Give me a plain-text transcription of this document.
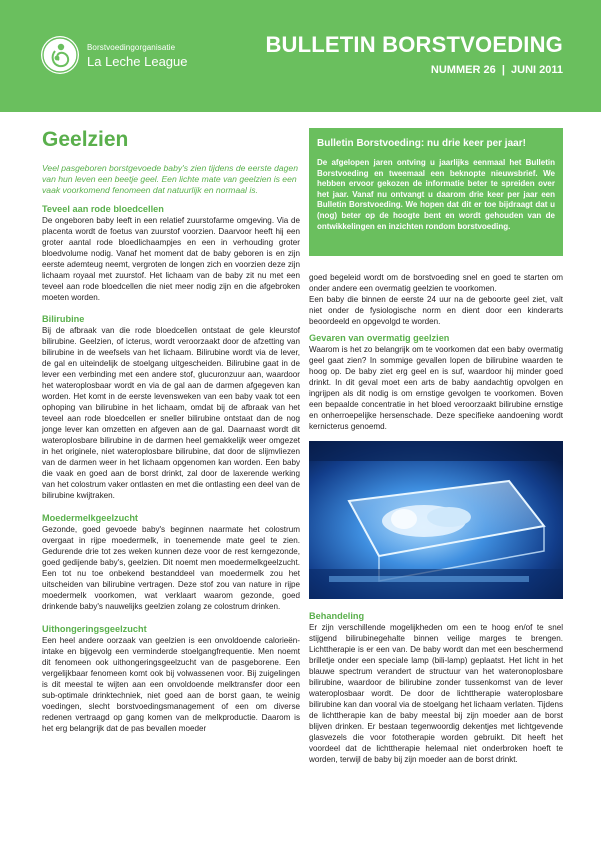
Borstvoedingorganisatie
La Leche League
BULLETIN BORSTVOEDING
NUMMER 26  |  JUNI 2011
Geelzien

Veel pasgeboren borstgevoede baby's zien tijdens de eerste dagen van hun leven een beetje geel. Een lichte mate van geelzien is een vaak voorkomend fenomeen dat natuurlijk en normaal is.

Teveel aan rode bloedcellen

De ongeboren baby leeft in een relatief zuurstofarme omgeving. Via de placenta wordt de foetus van zuurstof voorzien. Daarvoor heeft hij een groter aantal rode bloedlichaampjes en een in verhouding groter bloedvolume nodig. Vanaf het moment dat de baby geboren is en zijn eerste ademteug neemt, vergroten de longen zich en voorzien deze zijn lichaam royaal met zuurstof. Het lichaam van de baby zit nu met een teveel aan rode bloedcellen die niet meer nodig zijn en die afgebroken moeten worden.

Bilirubine

Bij de afbraak van die rode bloedcellen ontstaat de gele kleurstof bilirubine. Geelzien, of icterus, wordt veroorzaakt door de afzetting van bilirubine in de weefsels van het lichaam. Bilirubine wordt via de lever, de gal en uiteindelijk de stoelgang uitgescheiden. Bilirubine gaat in de lever een verbinding met een andere stof, glucuronzuur aan, waardoor het wateroplosbaar wordt en via de gal aan de darmen afgegeven kan worden. Het komt in de eerste levensweken van een baby vaak tot een ophoping van bilirubine in het lichaam, omdat bij de afbraak van het teveel aan rode bloedcellen er sneller bilirubine ontstaat dan de nog jonge lever kan omzetten en afgeven aan de gal. Daarnaast wordt dit wateroplosbare bilirubine in de darmen heel gemakkelijk weer omgezet in het originele, niet wateroplosbare bilirubine, dat door de slijmvliezen van de darmen weer in het lichaam opgenomen kan worden. Een baby die vaak en goed aan de borst drinkt, zal door de laxerende werking van het colostrum vaker ontlasten en met die ontlasting een deel van de bilirubine kwijtraken.

Moedermelkgeelzucht

Gezonde, goed gevoede baby's beginnen naarmate het colostrum overgaat in rijpe moedermelk, in toenemende mate geel te zien. Gedurende drie tot zes weken kunnen deze voor de rest kerngezonde, goed gedijende baby's, geelzien. Dit noemt men moedermelkgeelzucht. Een tot nu toe onbekend bestanddeel van moedermelk zou het uitscheiden van bilirubine vertragen. Deze stof zou van nature in rijpe moedermelk voorkomen, wat verklaart waarom gezonde, goed drinkende baby's nauwelijks geelzien zolang ze colostrum drinken.

Uithongeringsgeelzucht

Een heel andere oorzaak van geelzien is een onvoldoende calorieën-intake en bijgevolg een verminderde stoelgangfrequentie. Men noemt dit fenomeen ook uithongeringsgeelzucht van de pasgeborene. Een vergelijkbaar fenomeen komt ook bij volwassenen voor. Bij zuigelingen is dit meestal te wijten aan een onvoldoende melktransfer door een sub-optimale drinktechniek, niet goed aan de borst gaan, te weinig voedingen, slecht borstvoedingsmanagement of een om diverse redenen vertraagd op gang komen van de melkproductie. Daarom is het erg belangrijk dat de pas bevallen moeder

Bulletin Borstvoeding: nu drie keer per jaar!
De afgelopen jaren ontving u jaarlijks eenmaal het Bulletin Borstvoeding en tweemaal een beknopte nieuwsbrief. We hebben ervoor gekozen de informatie beter te spreiden over het jaar. Vanaf nu ontvangt u daarom drie keer per jaar een Bulletin Borstvoeding. We hopen dat dit er toe bijdraagt dat u (nog) beter op de hoogte bent en wordt gehouden van de ontwikkelingen en inzichten rondom borstvoeding.

goed begeleid wordt om de borstvoeding snel en goed te starten om onder andere een overmatig geelzien te voorkomen.

Een baby die binnen de eerste 24 uur na de geboorte geel ziet, valt niet onder de fysiologische norm en dient door een kinderarts beoordeeld en opgevolgd te worden.

Gevaren van overmatig geelzien

Waarom is het zo belangrijk om te voorkomen dat een baby overmatig geel gaat zien? In sommige gevallen lopen de bilirubine waarden te hoog op. De baby ziet erg geel en is suf, waardoor hij minder goed drinkt. In dit geval moet een arts de baby aandachtig opvolgen en ingrijpen als dit nodig is om ernstige gevolgen te voorkomen. Boven een bepaalde concentratie in het bloed veroorzaakt bilirubine ernstige en onherroepelijke hersenschade. Deze specifieke aandoening wordt kernicterus genoemd.

Behandeling

Er zijn verschillende mogelijkheden om een te hoog en/of te snel stijgend bilirubinegehalte binnen veilige marges te brengen. Lichttherapie is er een van. De baby wordt dan met een beschermend brilletje onder een speciale lamp (bili-lamp) geplaatst. Het licht in het blauwe spectrum verandert de structuur van het wateronoplosbare bilirubine, waardoor de bilirubine zonder tussenkomst van de lever wateroplosbaar wordt. De door de lichttherapie wateroplosbare bilirubine kan dan vooral via de stoelgang het lichaam verlaten. Tijdens de lichttherapie kan de baby meestal bij zijn moeder aan de borst blijven drinken. Er bestaan tegenwoordig dekentjes met lichtgevende glasvezels die voor fototherapie worden gebruikt. Dit heeft het voordeel dat de lichttherapie helemaal niet onderbroken hoeft te worden, terwijl de baby bij zijn moeder aan de borst drinkt.
